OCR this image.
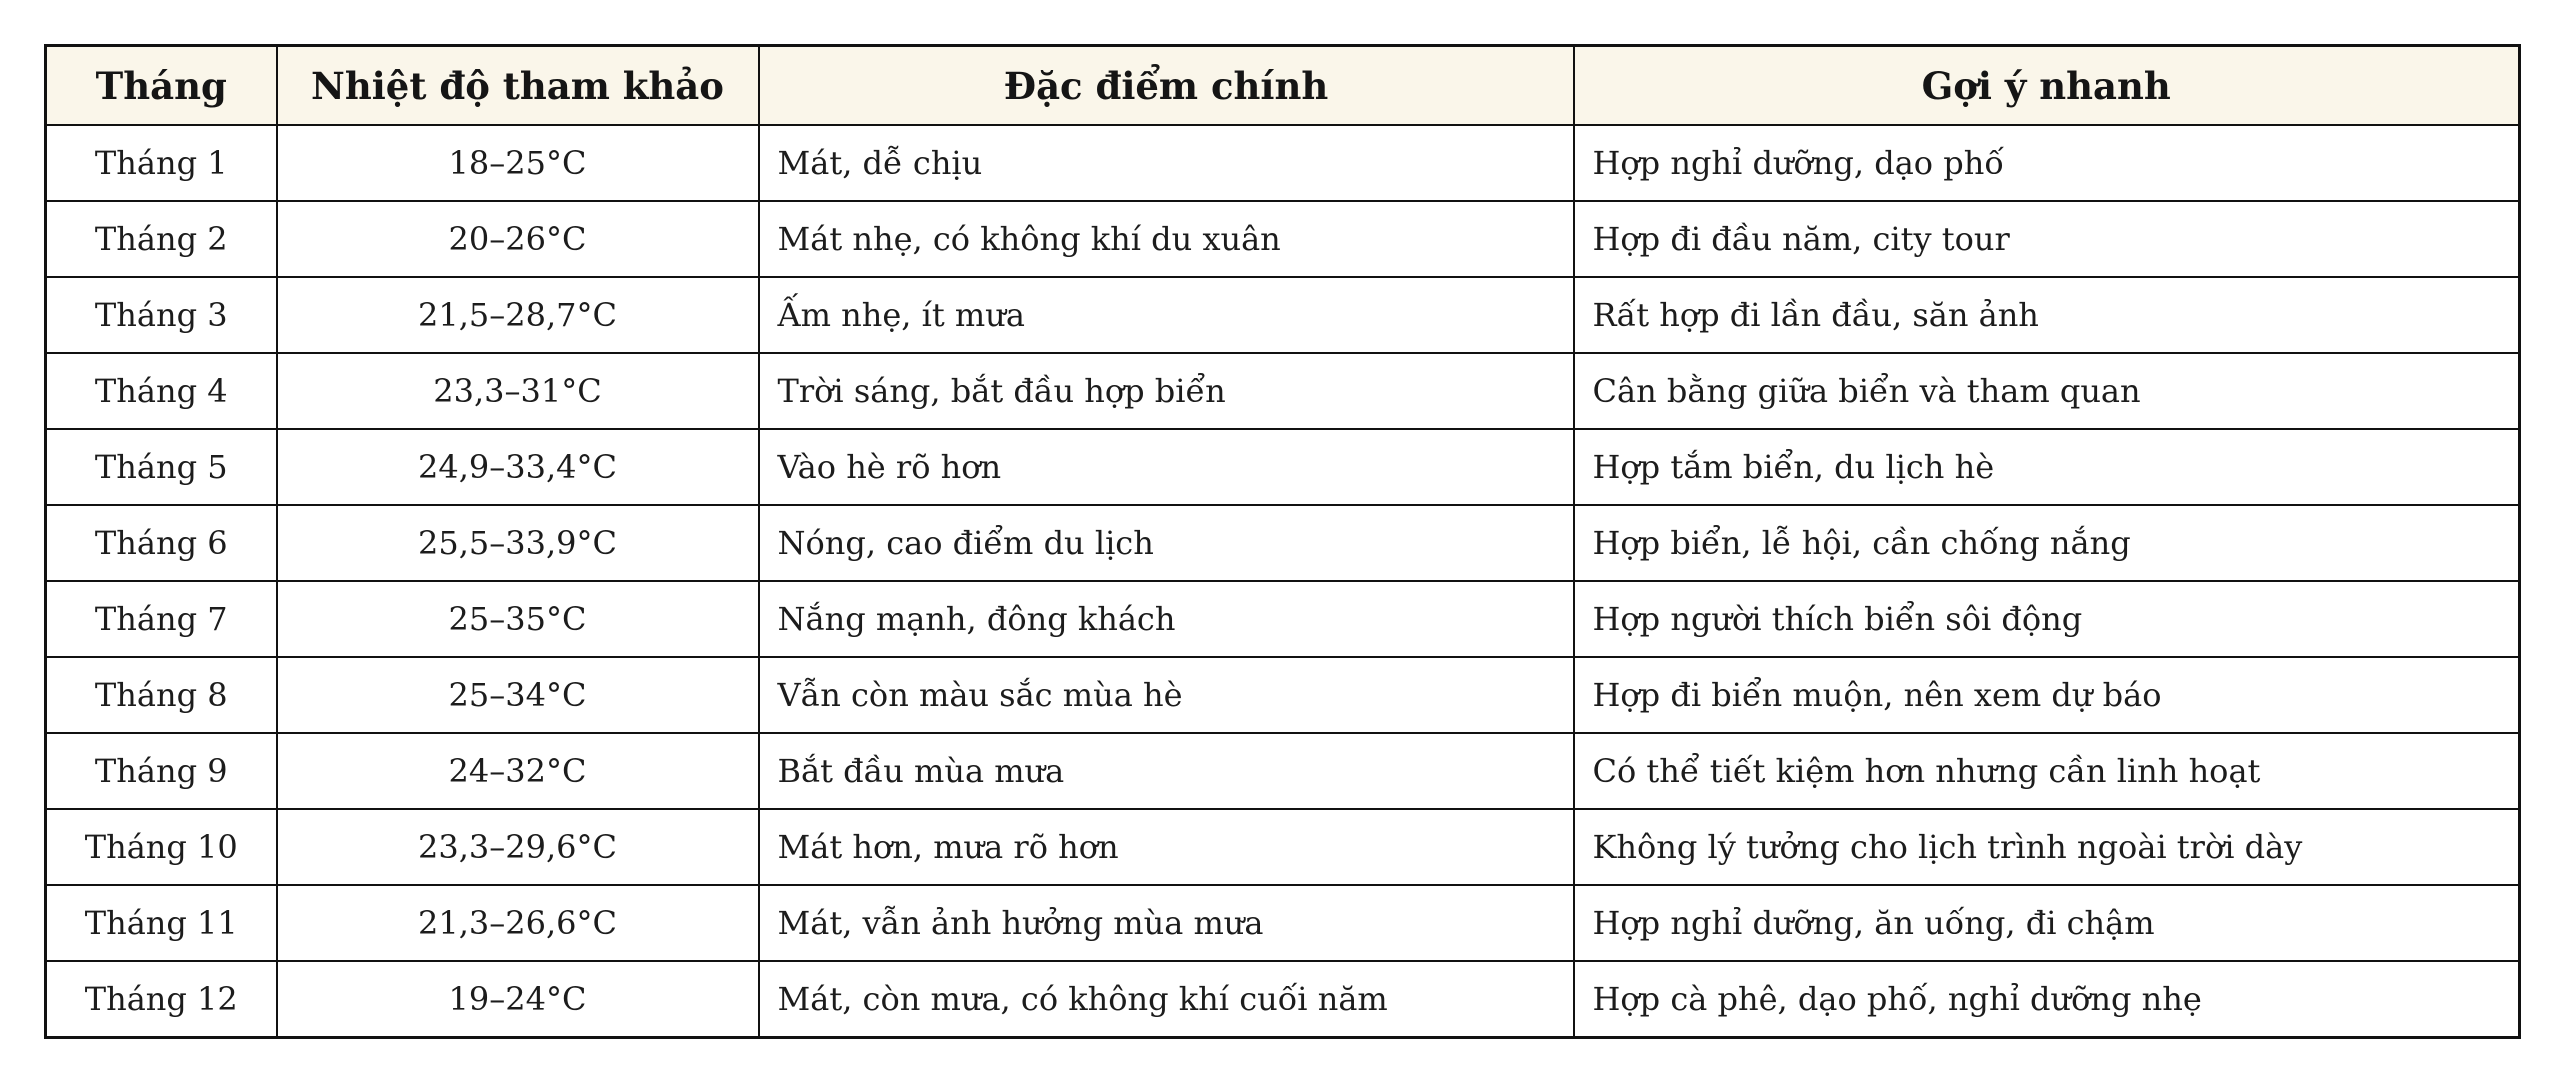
Tháng	Nhiệt độ tham khảo	Đặc điểm chính	Gợi ý nhanh
Tháng 1	18–25°C	Mát, dễ chịu	Hợp nghỉ dưỡng, dạo phố
Tháng 2	20–26°C	Mát nhẹ, có không khí du xuân	Hợp đi đầu năm, city tour
Tháng 3	21,5–28,7°C	Ấm nhẹ, ít mưa	Rất hợp đi lần đầu, săn ảnh
Tháng 4	23,3–31°C	Trời sáng, bắt đầu hợp biển	Cân bằng giữa biển và tham quan
Tháng 5	24,9–33,4°C	Vào hè rõ hơn	Hợp tắm biển, du lịch hè
Tháng 6	25,5–33,9°C	Nóng, cao điểm du lịch	Hợp biển, lễ hội, cần chống nắng
Tháng 7	25–35°C	Nắng mạnh, đông khách	Hợp người thích biển sôi động
Tháng 8	25–34°C	Vẫn còn màu sắc mùa hè	Hợp đi biển muộn, nên xem dự báo
Tháng 9	24–32°C	Bắt đầu mùa mưa	Có thể tiết kiệm hơn nhưng cần linh hoạt
Tháng 10	23,3–29,6°C	Mát hơn, mưa rõ hơn	Không lý tưởng cho lịch trình ngoài trời dày
Tháng 11	21,3–26,6°C	Mát, vẫn ảnh hưởng mùa mưa	Hợp nghỉ dưỡng, ăn uống, đi chậm
Tháng 12	19–24°C	Mát, còn mưa, có không khí cuối năm	Hợp cà phê, dạo phố, nghỉ dưỡng nhẹ
